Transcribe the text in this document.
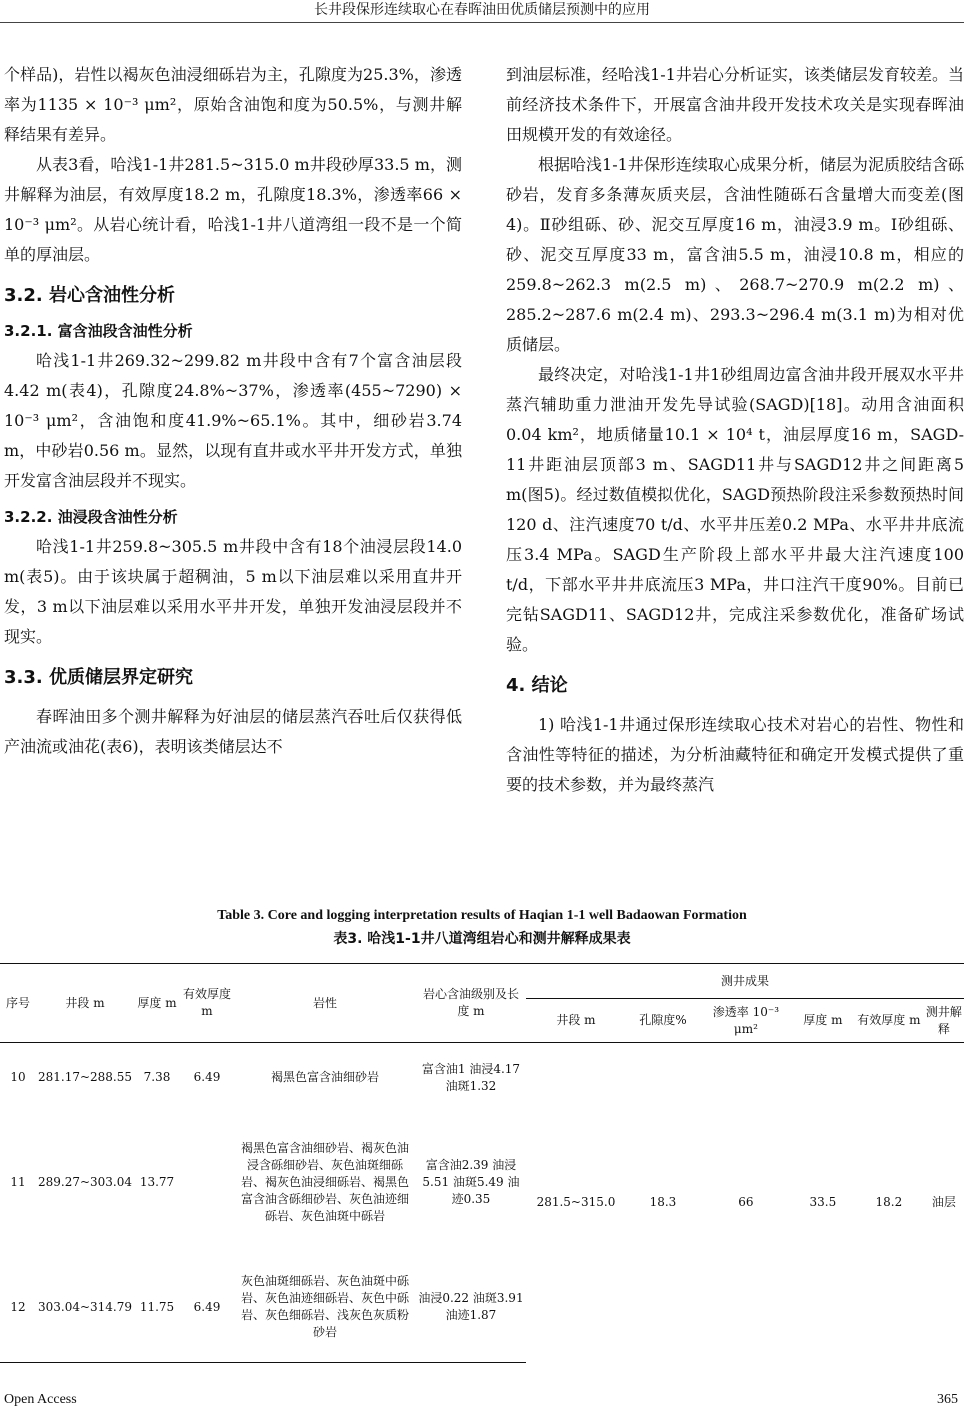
长井段保形连续取心在春晖油田优质储层预测中的应用

个样品)，岩性以褐灰色油浸细砾岩为主，孔隙度为25.3%，渗透率为1135 × 10⁻³ μm²，原始含油饱和度为50.5%，与测井解释结果有差异。

从表3看，哈浅1-1井281.5~315.0 m井段砂厚33.5 m，测井解释为油层，有效厚度18.2 m，孔隙度18.3%，渗透率66 × 10⁻³ μm²。从岩心统计看，哈浅1-1井八道湾组一段不是一个简单的厚油层。

3.2. 岩心含油性分析
3.2.1. 富含油段含油性分析

哈浅1-1井269.32~299.82 m井段中含有7个富含油层段4.42 m(表4)，孔隙度24.8%~37%，渗透率(455~7290) × 10⁻³ μm²，含油饱和度41.9%~65.1%。其中，细砂岩3.74 m，中砂岩0.56 m。显然，以现有直井或水平井开发方式，单独开发富含油层段并不现实。

3.2.2. 油浸段含油性分析

哈浅1-1井259.8~305.5 m井段中含有18个油浸层段14.0 m(表5)。由于该块属于超稠油，5 m以下油层难以采用直井开发，3 m以下油层难以采用水平井开发，单独开发油浸层段并不现实。

3.3. 优质储层界定研究

春晖油田多个测井解释为好油层的储层蒸汽吞吐后仅获得低产油流或油花(表6)，表明该类储层达不

到油层标准，经哈浅1-1井岩心分析证实，该类储层发育较差。当前经济技术条件下，开展富含油井段开发技术攻关是实现春晖油田规模开发的有效途径。

根据哈浅1-1井保形连续取心成果分析，储层为泥质胶结含砾砂岩，发育多条薄灰质夹层，含油性随砾石含量增大而变差(图4)。Ⅱ砂组砾、砂、泥交互厚度16 m，油浸3.9 m。Ⅰ砂组砾、砂、泥交互厚度33 m，富含油5.5 m，油浸10.8 m，相应的259.8~262.3 m(2.5 m)、268.7~270.9 m(2.2 m)、285.2~287.6 m(2.4 m)、293.3~296.4 m(3.1 m)为相对优质储层。

最终决定，对哈浅1-1井1砂组周边富含油井段开展双水平井蒸汽辅助重力泄油开发先导试验(SAGD)[18]。动用含油面积0.04 km²，地质储量10.1 × 10⁴ t，油层厚度16 m，SAGD-11井距油层顶部3 m、SAGD11井与SAGD12井之间距离5 m(图5)。经过数值模拟优化，SAGD预热阶段注采参数预热时间120 d、注汽速度70 t/d、水平井压差0.2 MPa、水平井井底流压3.4 MPa。SAGD生产阶段上部水平井最大注汽速度100 t/d，下部水平井井底流压3 MPa，井口注汽干度90%。目前已完钻SAGD11、SAGD12井，完成注采参数优化，准备矿场试验。

4. 结论

1) 哈浅1-1井通过保形连续取心技术对岩心的岩性、物性和含油性等特征的描述，为分析油藏特征和确定开发模式提供了重要的技术参数，并为最终蒸汽

Table 3. Core and logging interpretation results of Haqian 1-1 well Badaowan Formation
表3. 哈浅1-1井八道湾组岩心和测井解释成果表
序号	井段 m	厚度 m	有效厚度 m	岩性	岩心含油级别及长度 m	测井成果					
						井段 m	孔隙度%	渗透率 10⁻³ μm²	厚度 m	有效厚度 m	测井解释
10	281.17~288.55	7.38	6.49	褐黑色富含油细砂岩	富含油1 油浸4.17 油斑1.32	281.5~315.0	18.3	66	33.5	18.2	油层
11	289.27~303.04	13.77		褐黑色富含油细砂岩、褐灰色油浸含砾细砂岩、灰色油斑细砾岩、褐灰色油浸细砾岩、褐黑色富含油含砾细砂岩、灰色油迹细砾岩、灰色油斑中砾岩	富含油2.39 油浸5.51 油斑5.49 油迹0.35						
12	303.04~314.79	11.75	6.49	灰色油斑细砾岩、灰色油斑中砾岩、灰色油迹细砾岩、灰色中砾岩、灰色细砾岩、浅灰色灰质粉砂岩	油浸0.22 油斑3.91 油迹1.87						
Open Access	365
